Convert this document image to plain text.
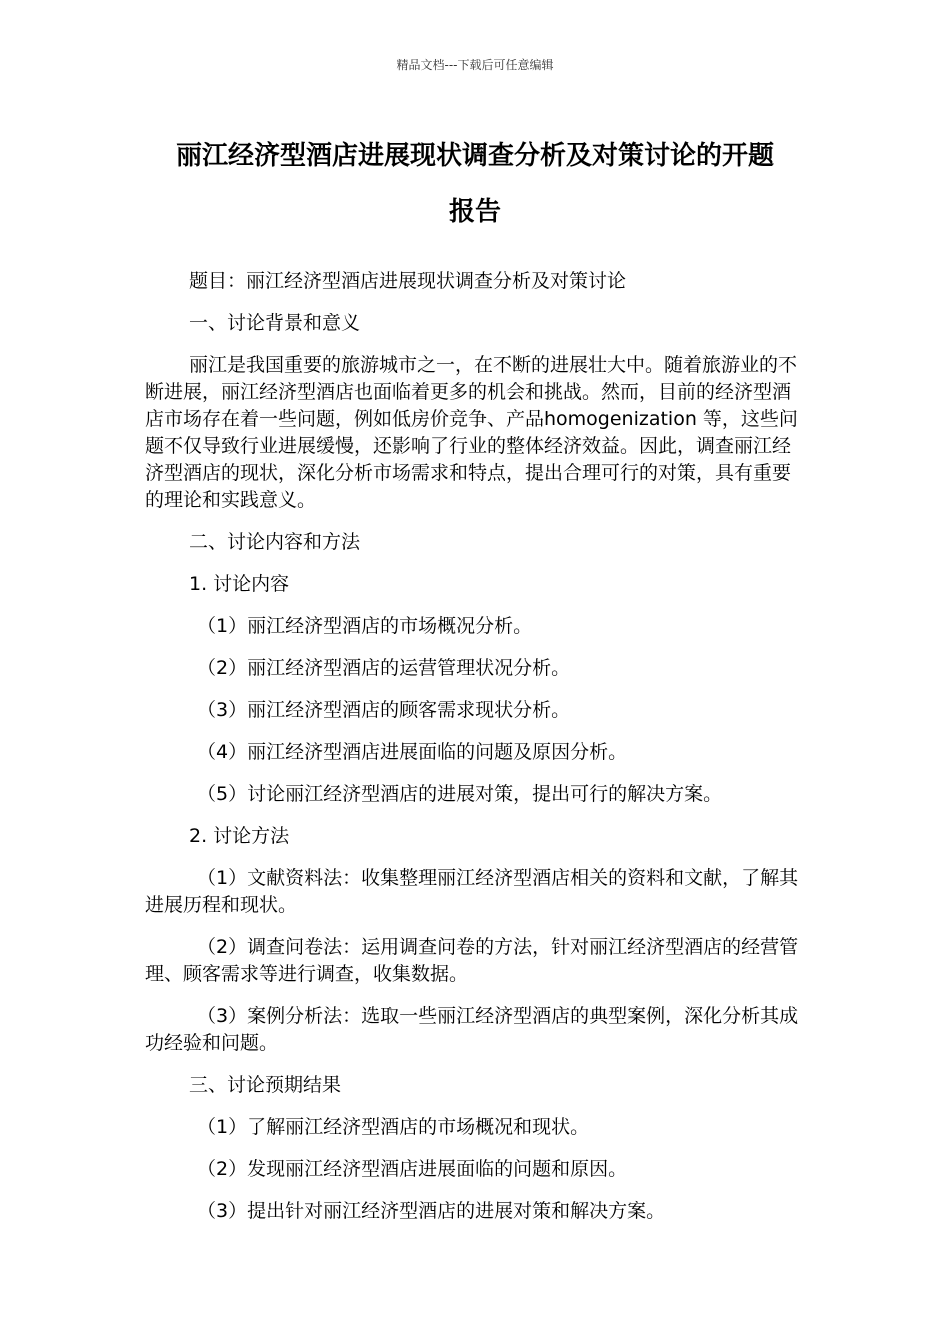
精品文档---下载后可任意编辑
丽江经济型酒店进展现状调查分析及对策讨论的开题
报告

题目：丽江经济型酒店进展现状调查分析及对策讨论

一、讨论背景和意义

丽江是我国重要的旅游城市之一，在不断的进展壮大中。随着旅游业的不断进展，丽江经济型酒店也面临着更多的机会和挑战。然而，目前的经济型酒店市场存在着一些问题，例如低房价竞争、产品homogenization 等，这些问题不仅导致行业进展缓慢，还影响了行业的整体经济效益。因此，调查丽江经济型酒店的现状，深化分析市场需求和特点，提出合理可行的对策，具有重要的理论和实践意义。

二、讨论内容和方法

1. 讨论内容

（1）丽江经济型酒店的市场概况分析。

（2）丽江经济型酒店的运营管理状况分析。

（3）丽江经济型酒店的顾客需求现状分析。

（4）丽江经济型酒店进展面临的问题及原因分析。

（5）讨论丽江经济型酒店的进展对策，提出可行的解决方案。

2. 讨论方法

（1）文献资料法：收集整理丽江经济型酒店相关的资料和文献，了解其进展历程和现状。

（2）调查问卷法：运用调查问卷的方法，针对丽江经济型酒店的经营管理、顾客需求等进行调查，收集数据。

（3）案例分析法：选取一些丽江经济型酒店的典型案例，深化分析其成功经验和问题。

三、讨论预期结果

（1）了解丽江经济型酒店的市场概况和现状。

（2）发现丽江经济型酒店进展面临的问题和原因。

（3）提出针对丽江经济型酒店的进展对策和解决方案。
